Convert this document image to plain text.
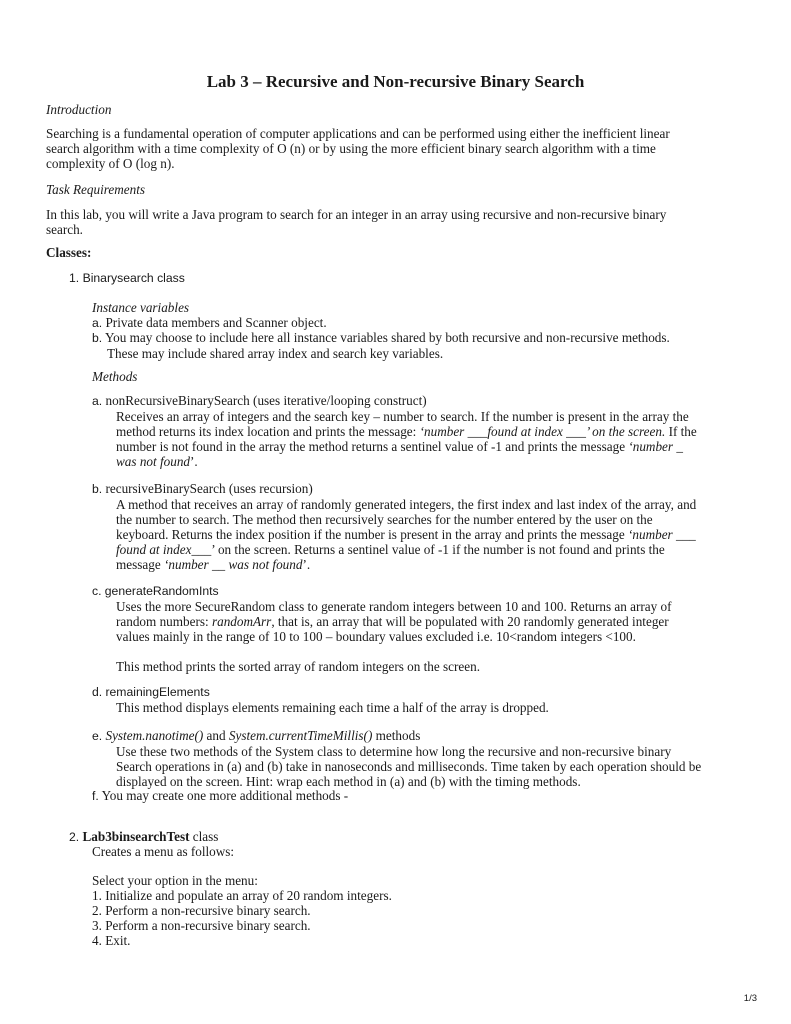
Lab 3 – Recursive and Non-recursive Binary Search
Introduction
Searching is a fundamental operation of computer applications and can be performed using either the inefficient linear
search algorithm with a time complexity of O (n) or by using the more efficient binary search algorithm with a time
complexity of O (log n).
Task Requirements
In this lab, you will write a Java program to search for an integer in an array using recursive and non-recursive binary
search.
Classes:
1. Binarysearch class
Instance variables
a. Private data members and Scanner object.
b. You may choose to include here all instance variables shared by both recursive and non-recursive methods.
These may include shared array index and search key variables.
Methods
a. nonRecursiveBinarySearch (uses iterative/looping construct)
Receives an array of integers and the search key – number to search. If the number is present in the array the
method returns its index location and prints the message: ‘number ___found at index ___’ on the screen. If the
number is not found in the array the method returns a sentinel value of -1 and prints the message ‘number _
was not found’.
b. recursiveBinarySearch (uses recursion)
A method that receives an array of randomly generated integers, the first index and last index of the array, and
the number to search. The method then recursively searches for the number entered by the user on the
keyboard. Returns the index position if the number is present in the array and prints the message ‘number ___
found at index___’ on the screen. Returns a sentinel value of -1 if the number is not found and prints the
message ‘number __ was not found’.
c. generateRandomInts
Uses the more SecureRandom class to generate random integers between 10 and 100. Returns an array of
random numbers: randomArr, that is, an array that will be populated with 20 randomly generated integer
values mainly in the range of 10 to 100 – boundary values excluded i.e. 10<random integers <100.
This method prints the sorted array of random integers on the screen.
d. remainingElements
This method displays elements remaining each time a half of the array is dropped.
e. System.nanotime() and System.currentTimeMillis() methods
Use these two methods of the System class to determine how long the recursive and non-recursive binary
Search operations in (a) and (b) take in nanoseconds and milliseconds. Time taken by each operation should be
displayed on the screen. Hint: wrap each method in (a) and (b) with the timing methods.
f. You may create one more additional methods -
2. Lab3binsearchTest class
Creates a menu as follows:
Select your option in the menu:
1. Initialize and populate an array of 20 random integers.
2. Perform a non-recursive binary search.
3. Perform a non-recursive binary search.
4. Exit.
1/3
